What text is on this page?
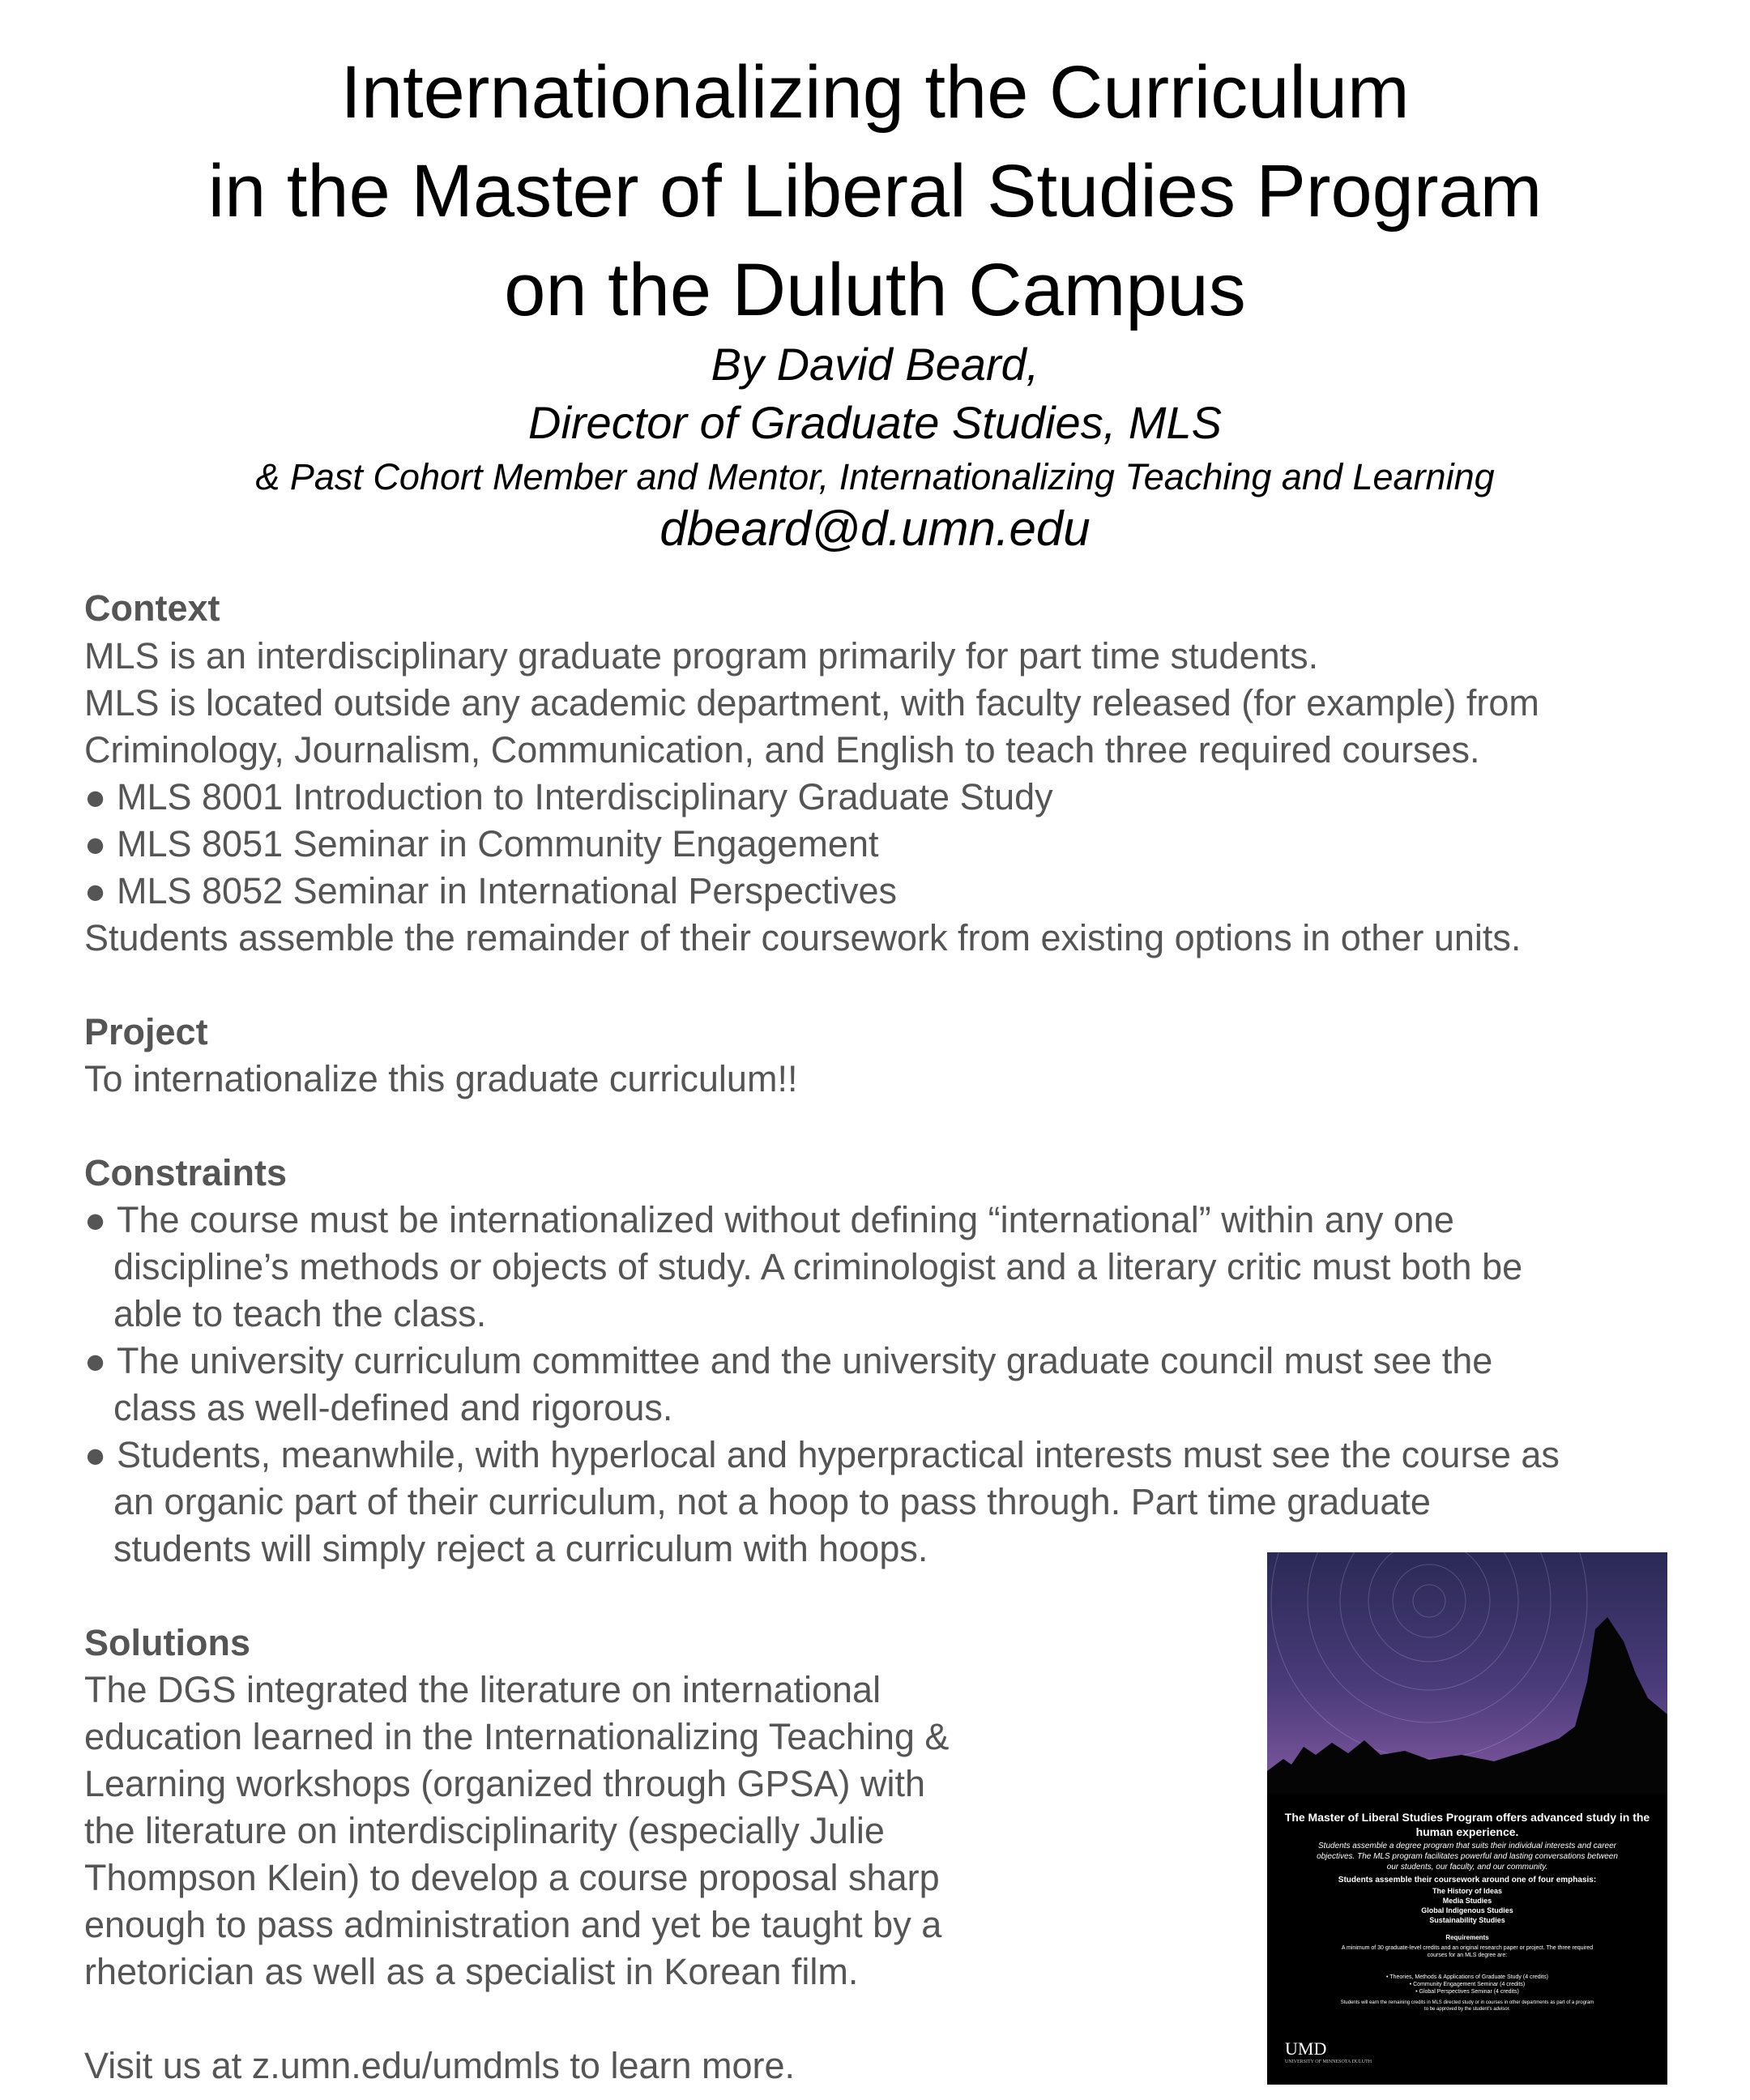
Internationalizing the Curriculum
in the Master of Liberal Studies Program
on the Duluth Campus
By David Beard,
Director of Graduate Studies, MLS
& Past Cohort Member and Mentor, Internationalizing Teaching and Learning
dbeard@d.umn.edu
Context
MLS is an interdisciplinary graduate program primarily for part time students.
MLS is located outside any academic department, with faculty released (for example) from
Criminology, Journalism, Communication, and English to teach three required courses.
● MLS 8001 Introduction to Interdisciplinary Graduate Study
● MLS 8051 Seminar in Community Engagement
● MLS 8052 Seminar in International Perspectives
Students assemble the remainder of their coursework from existing options in other units.
Project
To internationalize this graduate curriculum!!
Constraints
● The course must be internationalized without defining “international” within any one
discipline’s methods or objects of study. A criminologist and a literary critic must both be
able to teach the class.
● The university curriculum committee and the university graduate council must see the
class as well-defined and rigorous.
● Students, meanwhile, with hyperlocal and hyperpractical interests must see the course as
an organic part of their curriculum, not a hoop to pass through. Part time graduate
students will simply reject a curriculum with hoops.
Solutions
The DGS integrated the literature on international
education learned in the Internationalizing Teaching &
Learning workshops (organized through GPSA) with
the literature on interdisciplinarity (especially Julie
Thompson Klein) to develop a course proposal sharp
enough to pass administration and yet be taught by a
rhetorician as well as a specialist in Korean film.
Visit us at z.umn.edu/umdmls to learn more.
The Master of Liberal Studies Program offers advanced study in the human experience.
Students assemble a degree program that suits their individual interests and career objectives. The MLS program facilitates powerful and lasting conversations between our students, our faculty, and our community.
Students assemble their coursework around one of four emphasis:
The History of Ideas
Media Studies
Global Indigenous Studies
Sustainability Studies
Requirements
A minimum of 30 graduate-level credits and an original research paper or project. The three required courses for an MLS degree are:
• Theories, Methods & Applications of Graduate Study (4 credits)
• Community Engagement Seminar (4 credits)
• Global Perspectives Seminar (4 credits)
Students will earn the remaining credits in MLS directed study or in courses in other departments as part of a program to be approved by the student's advisor.
UMD
UNIVERSITY OF MINNESOTA DULUTH
